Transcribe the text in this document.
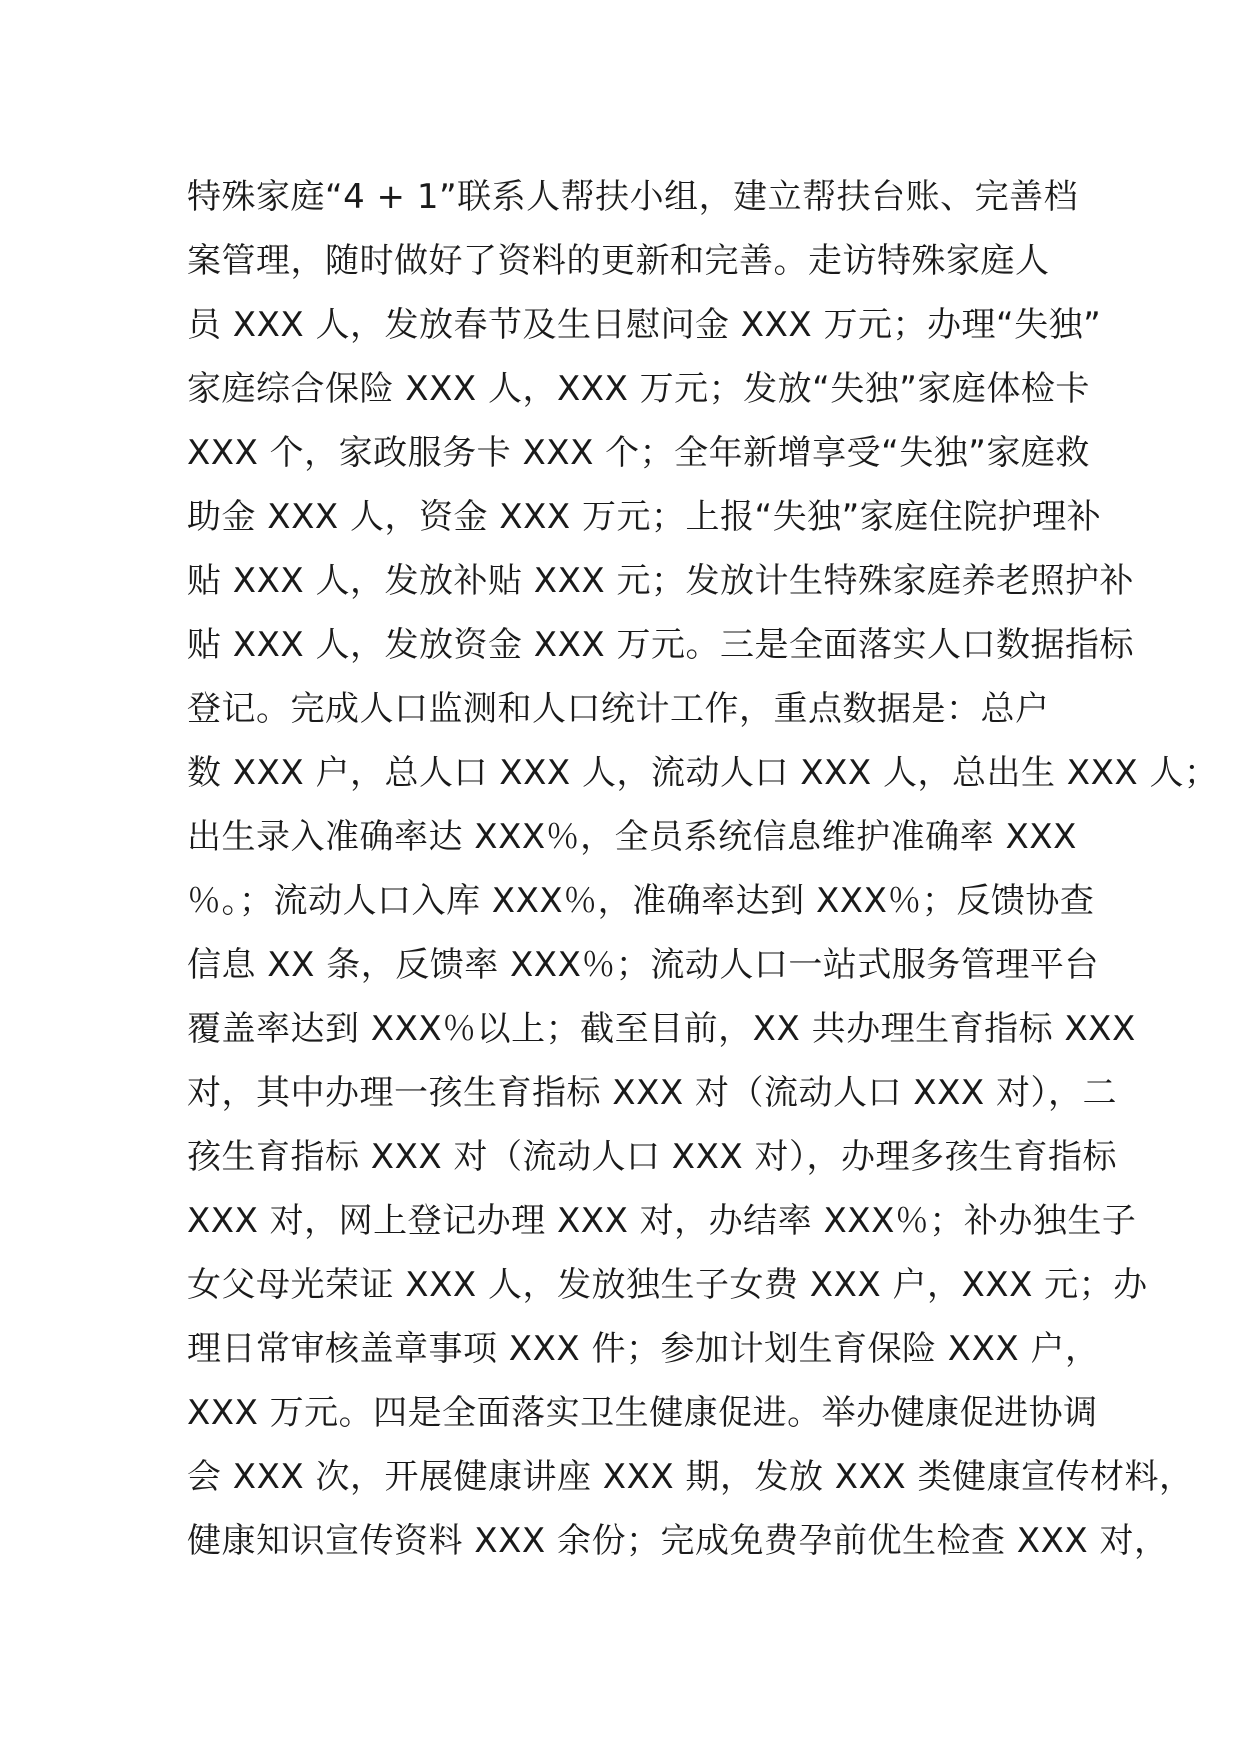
特殊家庭“4 + 1”联系人帮扶小组，建立帮扶台账、完善档
案管理，随时做好了资料的更新和完善。走访特殊家庭人
员 XXX 人，发放春节及生日慰问金 XXX 万元；办理“失独”
家庭综合保险 XXX 人，XXX 万元；发放“失独”家庭体检卡
XXX 个，家政服务卡 XXX 个；全年新增享受“失独”家庭救
助金 XXX 人，资金 XXX 万元；上报“失独”家庭住院护理补
贴 XXX 人，发放补贴 XXX 元；发放计生特殊家庭养老照护补
贴 XXX 人，发放资金 XXX 万元。三是全面落实人口数据指标
登记。完成人口监测和人口统计工作，重点数据是：总户
数 XXX 户，总人口 XXX 人，流动人口 XXX 人，总出生 XXX 人；
出生录入准确率达 XXX％，全员系统信息维护准确率 XXX
％。；流动人口入库 XXX％，准确率达到 XXX％；反馈协查
信息 XX 条，反馈率 XXX％；流动人口一站式服务管理平台
覆盖率达到 XXX％以上；截至目前，XX 共办理生育指标 XXX
对，其中办理一孩生育指标 XXX 对（流动人口 XXX 对），二
孩生育指标 XXX 对（流动人口 XXX 对），办理多孩生育指标
XXX 对，网上登记办理 XXX 对，办结率 XXX％；补办独生子
女父母光荣证 XXX 人，发放独生子女费 XXX 户，XXX 元；办
理日常审核盖章事项 XXX 件；参加计划生育保险 XXX 户，
XXX 万元。四是全面落实卫生健康促进。举办健康促进协调
会 XXX 次，开展健康讲座 XXX 期，发放 XXX 类健康宣传材料，
健康知识宣传资料 XXX 余份；完成免费孕前优生检查 XXX 对，
